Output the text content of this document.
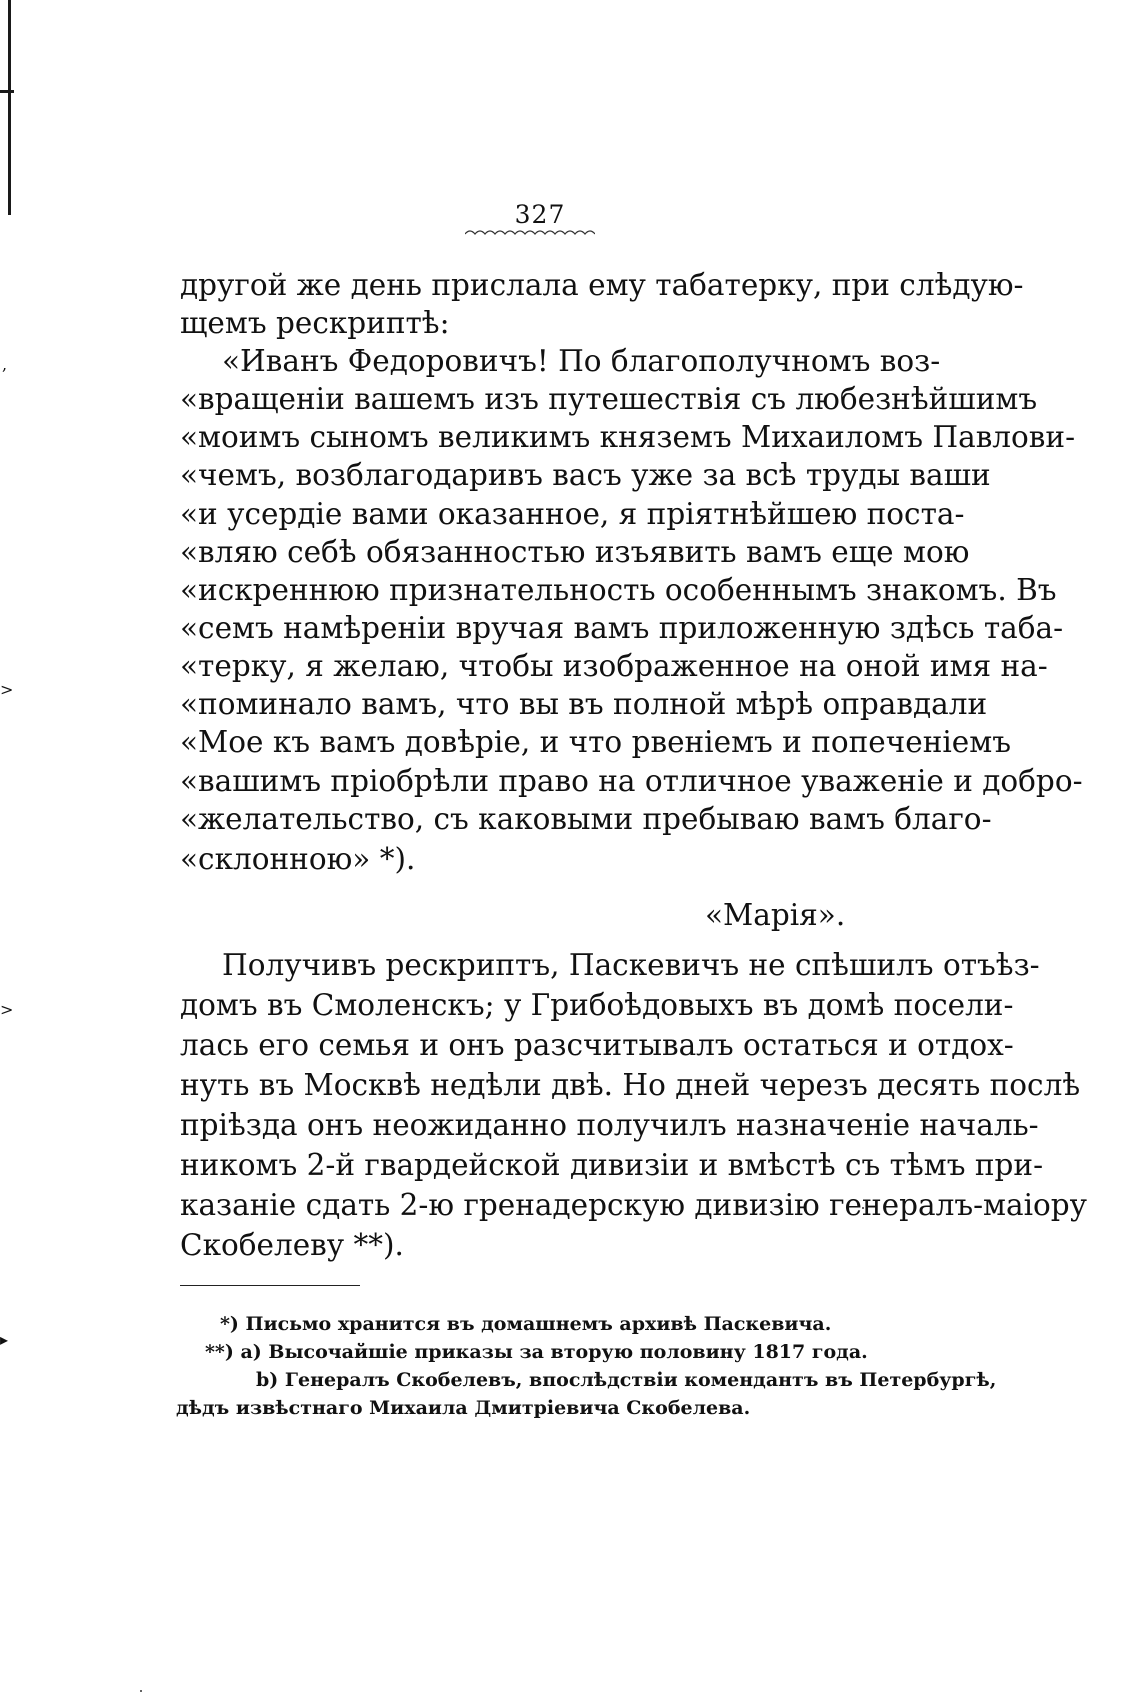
,
>
>
▸
327
другой же день прислала ему табатерку, при слѣдую-
щемъ рескриптѣ:
«Иванъ Федоровичъ! По благополучномъ воз-
«вращеніи вашемъ изъ путешествія съ любезнѣйшимъ
«моимъ сыномъ великимъ княземъ Михаиломъ Павлови-
«чемъ, возблагодаривъ васъ уже за всѣ труды ваши
«и усердіе вами оказанное, я пріятнѣйшею поста-
«вляю себѣ обязанностью изъявить вамъ еще мою
«искреннюю признательность особеннымъ знакомъ. Въ
«семъ намѣреніи вручая вамъ приложенную здѣсь таба-
«терку, я желаю, чтобы изображенное на оной имя на-
«поминало вамъ, что вы въ полной мѣрѣ оправдали
«Мое къ вамъ довѣріе, и что рвеніемъ и попеченіемъ
«вашимъ пріобрѣли право на отличное уваженіе и добро-
«желательство, съ каковыми пребываю вамъ благо-
«склонною» *).
«Марія».
Получивъ рескриптъ, Паскевичъ не спѣшилъ отъѣз-
домъ въ Смоленскъ; у Грибоѣдовыхъ въ домѣ посели-
лась его семья и онъ разсчитывалъ остаться и отдох-
нуть въ Москвѣ недѣли двѣ. Но дней черезъ десять послѣ
пріѣзда онъ неожиданно получилъ назначеніе началь-
никомъ 2-й гвардейской дивизіи и вмѣстѣ съ тѣмъ при-
казаніе сдать 2-ю гренадерскую дивизію генералъ-маіору
Скобелеву **).
*) Письмо хранится въ домашнемъ архивѣ Паскевича.
**) a) Высочайшіе приказы за вторую половину 1817 года.
b) Генералъ Скобелевъ, впослѣдствіи комендантъ въ Петербургѣ,
дѣдъ извѣстнаго Михаила Дмитріевича Скобелева.
